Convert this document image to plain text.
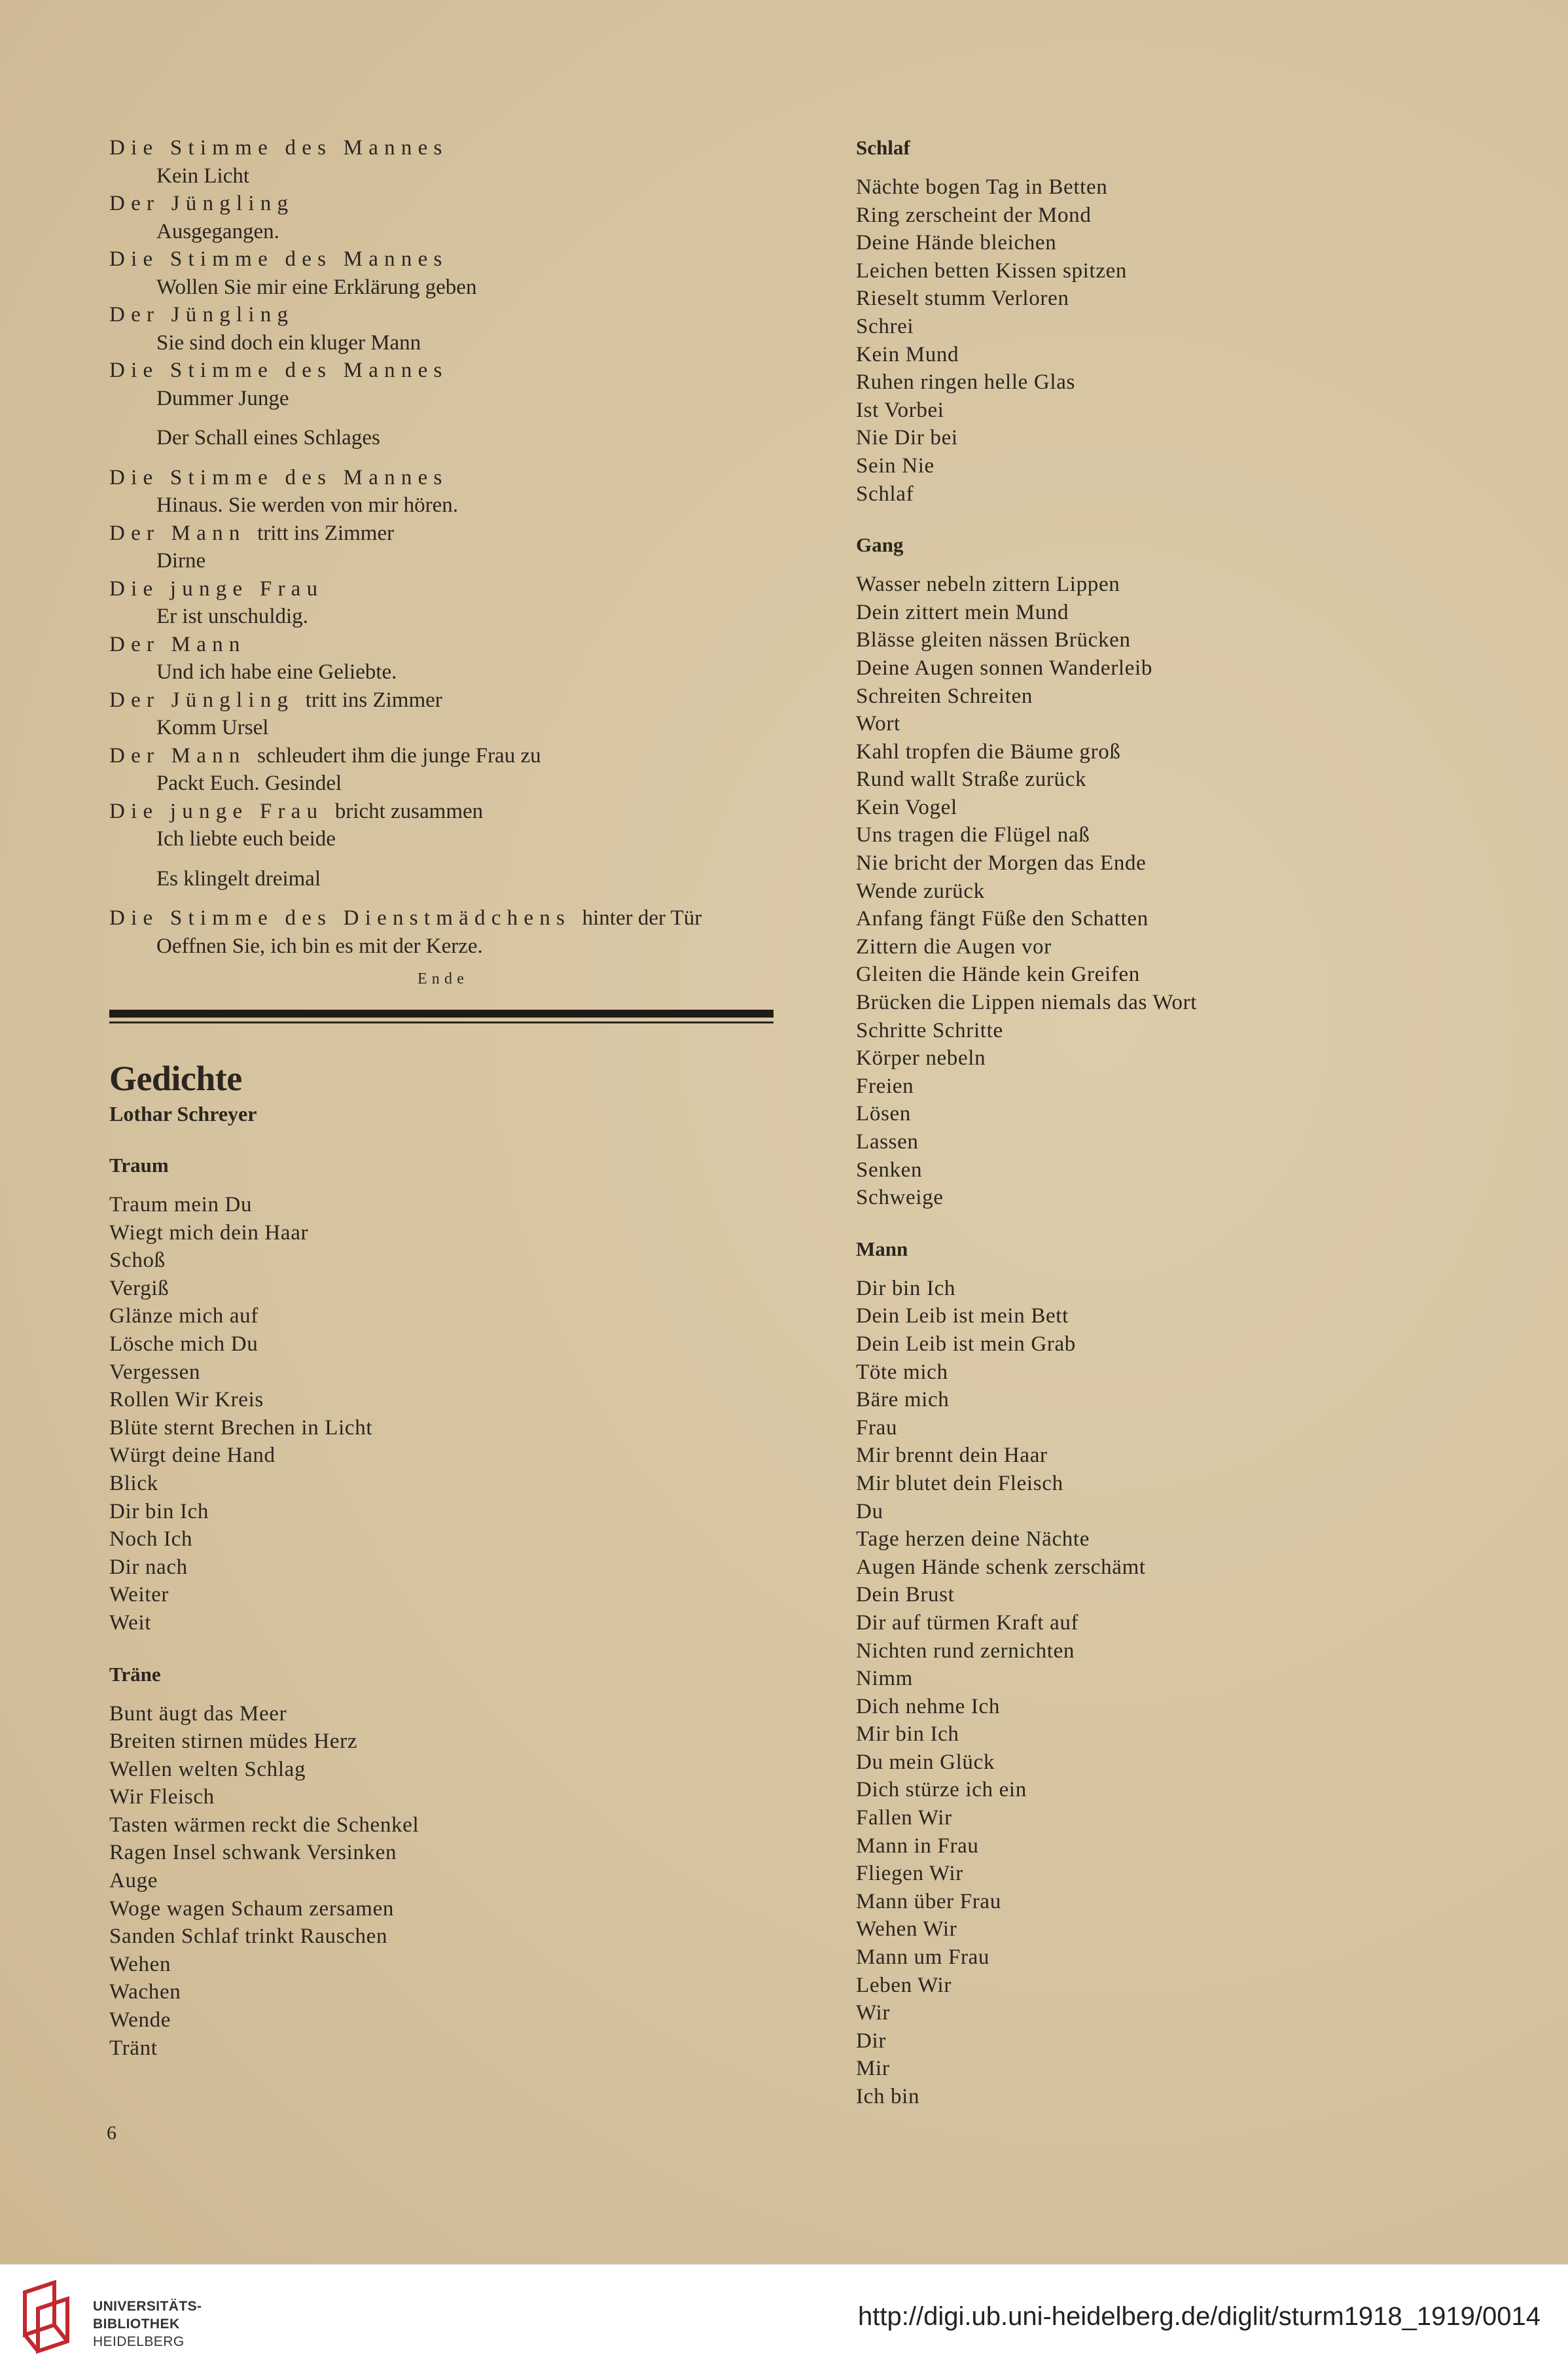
Die Stimme des Mannes
Kein Licht
Der Jüngling
Ausgegangen.
Die Stimme des Mannes
Wollen Sie mir eine Erklärung geben
Der Jüngling
Sie sind doch ein kluger Mann
Die Stimme des Mannes
Dummer Junge
Der Schall eines Schlages
Die Stimme des Mannes
Hinaus. Sie werden von mir hören.
Der Mann tritt ins Zimmer
Dirne
Die junge Frau
Er ist unschuldig.
Der Mann
Und ich habe eine Geliebte.
Der Jüngling tritt ins Zimmer
Komm Ursel
Der Mann schleudert ihm die junge Frau zu
Packt Euch. Gesindel
Die junge Frau bricht zusammen
Ich liebte euch beide
Es klingelt dreimal
Die Stimme des Dienstmädchens hinter der Tür
Oeffnen Sie, ich bin es mit der Kerze.
Ende
Gedichte
Lothar Schreyer
Traum
Traum mein Du
Wiegt mich dein Haar
Schoß
Vergiß
Glänze mich auf
Lösche mich Du
Vergessen
Rollen Wir Kreis
Blüte sternt Brechen in Licht
Würgt deine Hand
Blick
Dir bin Ich
Noch Ich
Dir nach
Weiter
Weit
Träne
Bunt äugt das Meer
Breiten stirnen müdes Herz
Wellen welten Schlag
Wir Fleisch
Tasten wärmen reckt die Schenkel
Ragen Insel schwank Versinken
Auge
Woge wagen Schaum zersamen
Sanden Schlaf trinkt Rauschen
Wehen
Wachen
Wende
Tränt
Schlaf
Nächte bogen Tag in Betten
Ring zerscheint der Mond
Deine Hände bleichen
Leichen betten Kissen spitzen
Rieselt stumm Verloren
Schrei
Kein Mund
Ruhen ringen helle Glas
Ist Vorbei
Nie Dir bei
Sein Nie
Schlaf
Gang
Wasser nebeln zittern Lippen
Dein zittert mein Mund
Blässe gleiten nässen Brücken
Deine Augen sonnen Wanderleib
Schreiten Schreiten
Wort
Kahl tropfen die Bäume groß
Rund wallt Straße zurück
Kein Vogel
Uns tragen die Flügel naß
Nie bricht der Morgen das Ende
Wende zurück
Anfang fängt Füße den Schatten
Zittern die Augen vor
Gleiten die Hände kein Greifen
Brücken die Lippen niemals das Wort
Schritte Schritte
Körper nebeln
Freien
Lösen
Lassen
Senken
Schweige
Mann
Dir bin Ich
Dein Leib ist mein Bett
Dein Leib ist mein Grab
Töte mich
Bäre mich
Frau
Mir brennt dein Haar
Mir blutet dein Fleisch
Du
Tage herzen deine Nächte
Augen Hände schenk zerschämt
Dein Brust
Dir auf türmen Kraft auf
Nichten rund zernichten
Nimm
Dich nehme Ich
Mir bin Ich
Du mein Glück
Dich stürze ich ein
Fallen Wir
Mann in Frau
Fliegen Wir
Mann über Frau
Wehen Wir
Mann um Frau
Leben Wir
Wir
Dir
Mir
Ich bin
6
UNIVERSITÄTS-
BIBLIOTHEK
HEIDELBERG
http://digi.ub.uni-heidelberg.de/diglit/sturm1918_1919/0014
